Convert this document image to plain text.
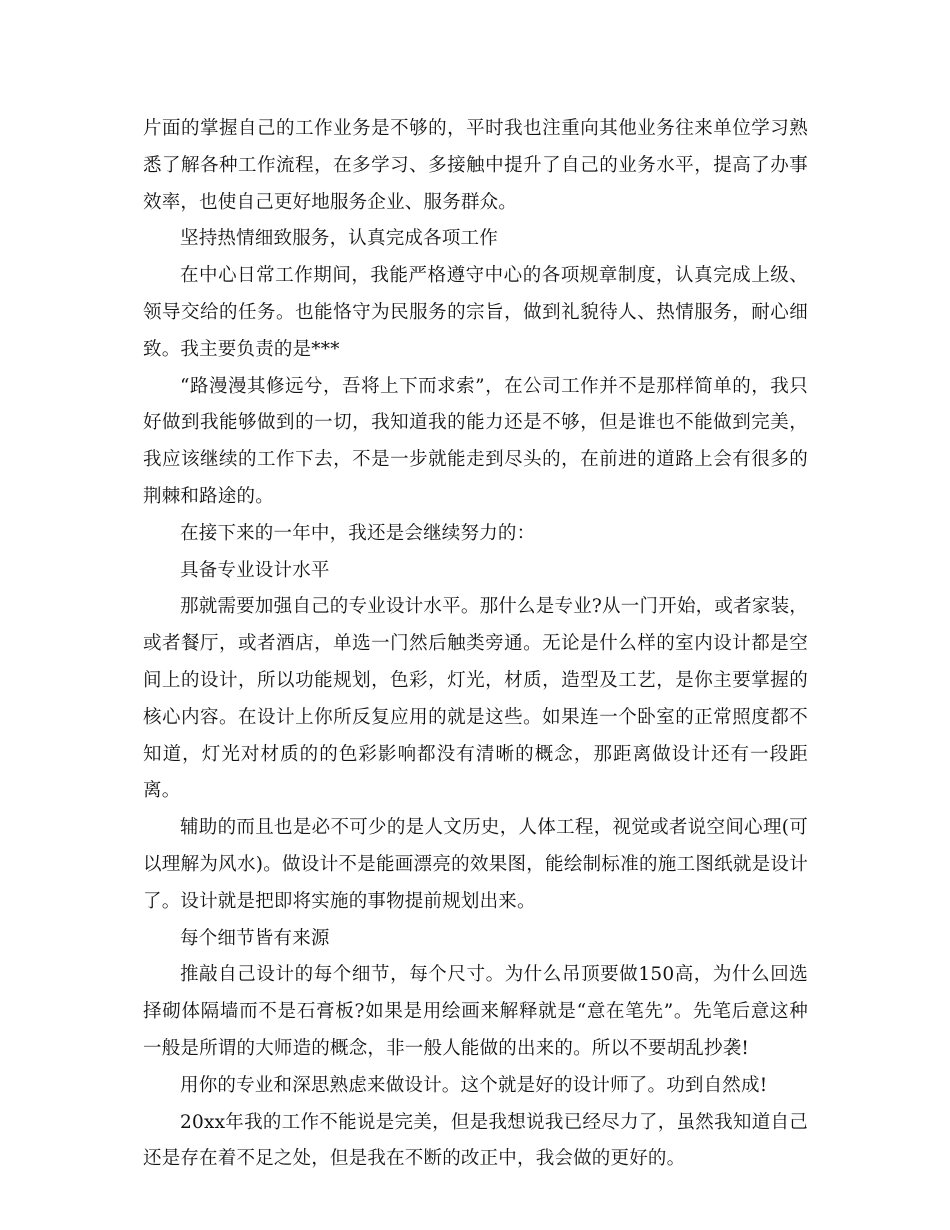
片面的掌握自己的工作业务是不够的，平时我也注重向其他业务往来单位学习熟悉了解各种工作流程，在多学习、多接触中提升了自己的业务水平，提高了办事效率，也使自己更好地服务企业、服务群众。

坚持热情细致服务，认真完成各项工作

在中心日常工作期间，我能严格遵守中心的各项规章制度，认真完成上级、领导交给的任务。也能恪守为民服务的宗旨，做到礼貌待人、热情服务，耐心细致。我主要负责的是***

“路漫漫其修远兮，吾将上下而求索”，在公司工作并不是那样简单的，我只好做到我能够做到的一切，我知道我的能力还是不够，但是谁也不能做到完美，我应该继续的工作下去，不是一步就能走到尽头的，在前进的道路上会有很多的荆棘和路途的。

在接下来的一年中，我还是会继续努力的：

具备专业设计水平

那就需要加强自己的专业设计水平。那什么是专业?从一门开始，或者家装，或者餐厅，或者酒店，单选一门然后触类旁通。无论是什么样的室内设计都是空间上的设计，所以功能规划，色彩，灯光，材质，造型及工艺，是你主要掌握的核心内容。在设计上你所反复应用的就是这些。如果连一个卧室的正常照度都不知道，灯光对材质的的色彩影响都没有清晰的概念，那距离做设计还有一段距离。

辅助的而且也是必不可少的是人文历史，人体工程，视觉或者说空间心理(可以理解为风水)。做设计不是能画漂亮的效果图，能绘制标准的施工图纸就是设计了。设计就是把即将实施的事物提前规划出来。

每个细节皆有来源

推敲自己设计的每个细节，每个尺寸。为什么吊顶要做150高，为什么回选择砌体隔墙而不是石膏板?如果是用绘画来解释就是“意在笔先”。先笔后意这种一般是所谓的大师造的概念，非一般人能做的出来的。所以不要胡乱抄袭!

用你的专业和深思熟虑来做设计。这个就是好的设计师了。功到自然成!

20xx年我的工作不能说是完美，但是我想说我已经尽力了，虽然我知道自己还是存在着不足之处，但是我在不断的改正中，我会做的更好的。
